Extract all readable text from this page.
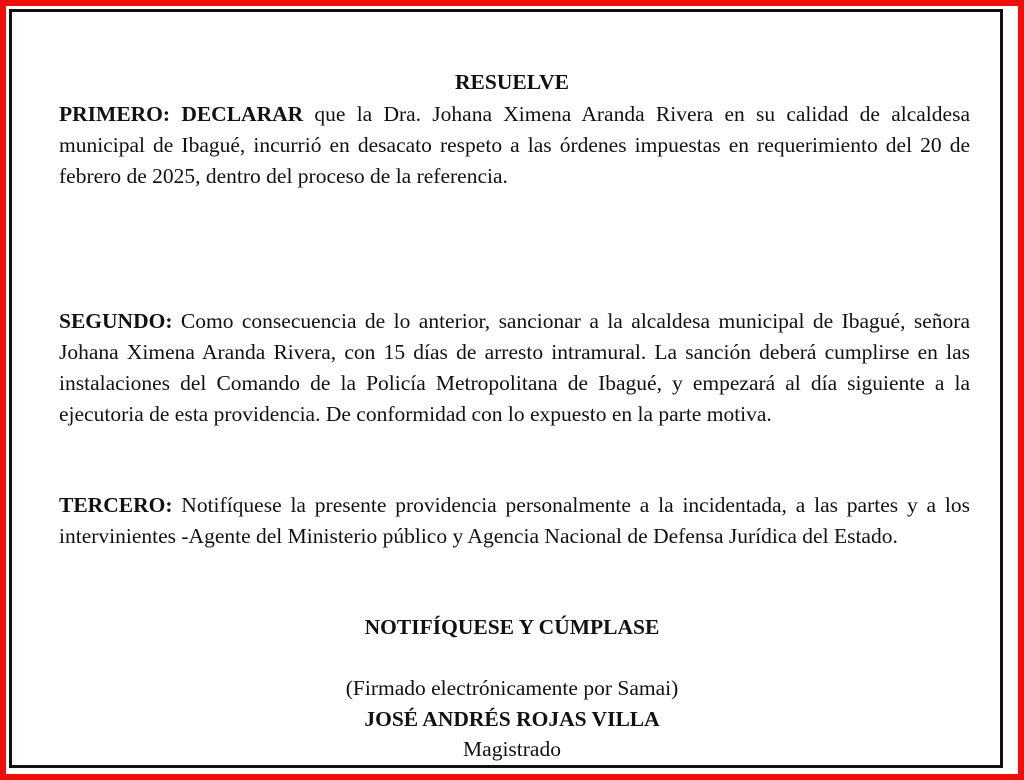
RESUELVE

PRIMERO: DECLARAR que la Dra. Johana Ximena Aranda Rivera en su calidad de alcaldesa municipal de Ibagué, incurrió en desacato respeto a las órdenes impuestas en requerimiento del 20 de febrero de 2025, dentro del proceso de la referencia.

SEGUNDO: Como consecuencia de lo anterior, sancionar a la alcaldesa municipal de Ibagué, señora Johana Ximena Aranda Rivera, con 15 días de arresto intramural. La sanción deberá cumplirse en las instalaciones del Comando de la Policía Metropolitana de Ibagué, y empezará al día siguiente a la ejecutoria de esta providencia. De conformidad con lo expuesto en la parte motiva.

TERCERO: Notifíquese la presente providencia personalmente a la incidentada, a las partes y a los intervinientes -Agente del Ministerio público y Agencia Nacional de Defensa Jurídica del Estado.

NOTIFÍQUESE Y CÚMPLASE

(Firmado electrónicamente por Samai)

JOSÉ ANDRÉS ROJAS VILLA

Magistrado
